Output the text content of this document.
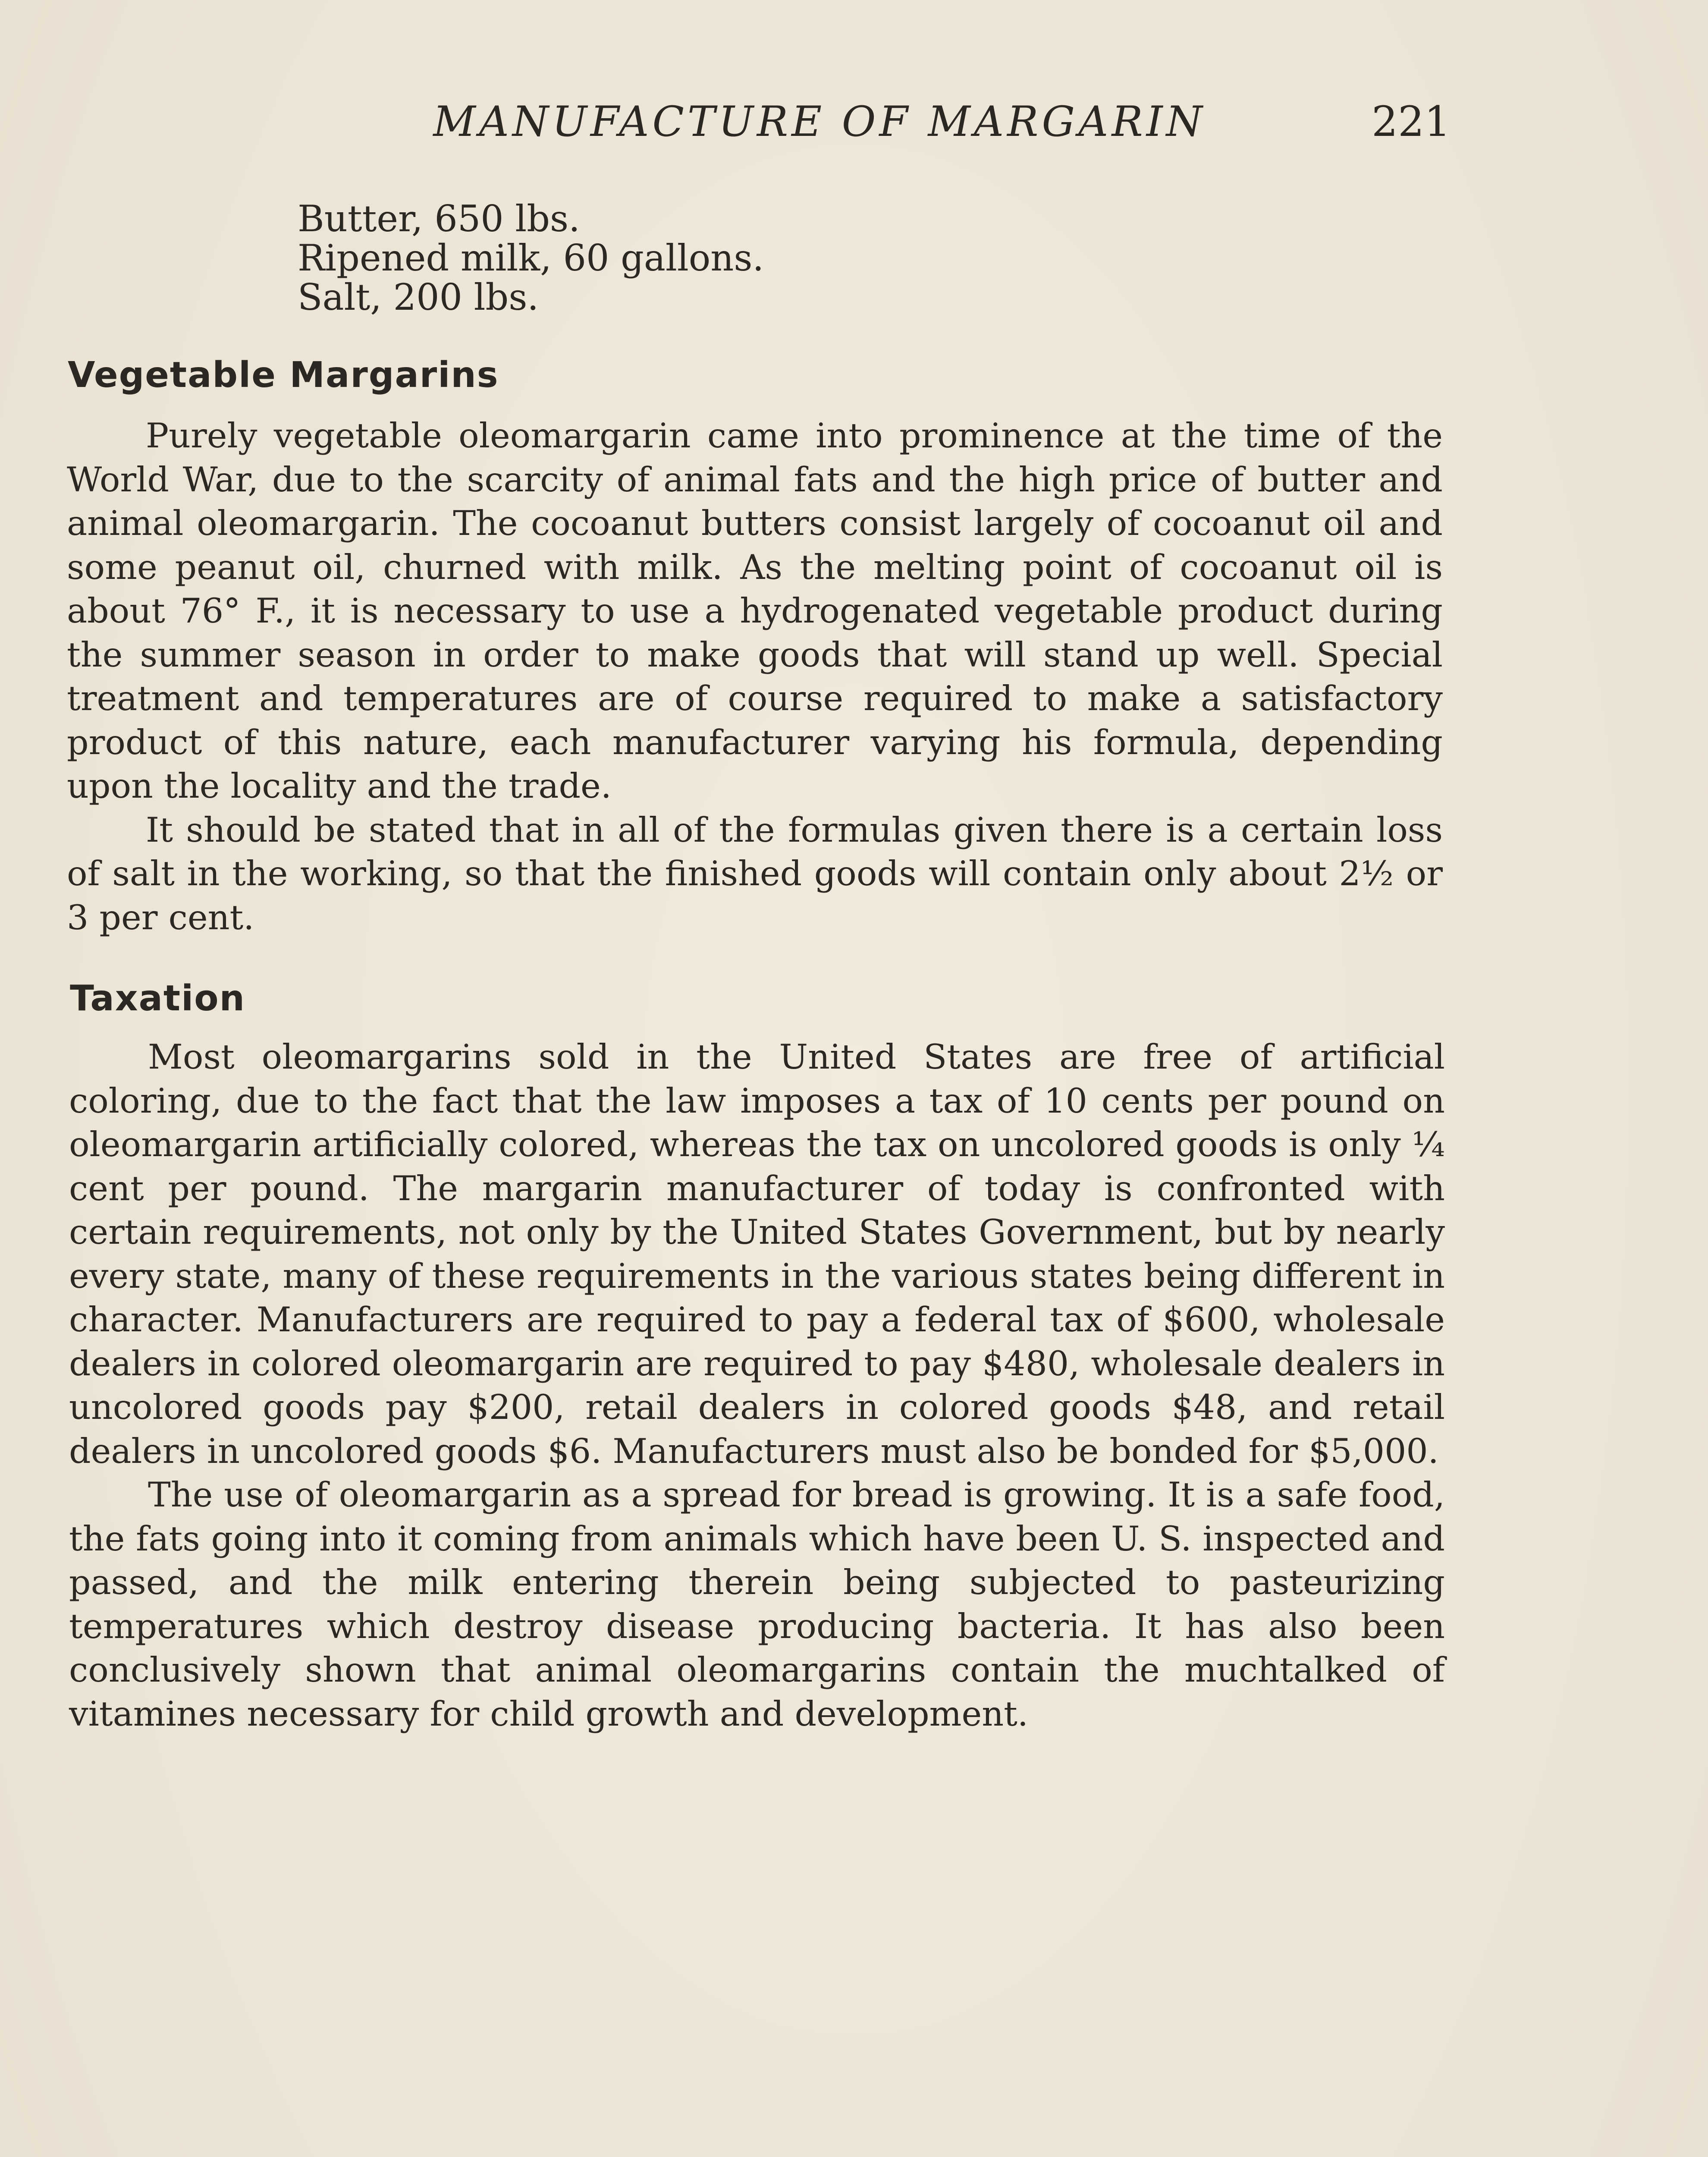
MANUFACTURE OF MARGARIN	221
Butter, 650 lbs.
Ripened milk, 60 gallons.
Salt, 200 lbs.
Vegetable Margarins

Purely vegetable oleomargarin came into prominence at the time of the World War, due to the scarcity of animal fats and the high price of butter and animal oleomargarin. The cocoanut butters consist largely of cocoanut oil and some peanut oil, churned with milk. As the melting point of cocoanut oil is about 76° F., it is necessary to use a hydrogenated vegetable product during the summer season in order to make goods that will stand up well. Special treatment and temperatures are of course required to make a satisfactory product of this nature, each manufacturer varying his formula, depending upon the locality and the trade.

It should be stated that in all of the formulas given there is a certain loss of salt in the working, so that the finished goods will contain only about 2½ or 3 per cent.

Taxation

Most oleomargarins sold in the United States are free of artificial coloring, due to the fact that the law imposes a tax of 10 cents per pound on oleomargarin artificially colored, whereas the tax on uncolored goods is only ¼ cent per pound. The margarin manufacturer of today is confronted with certain requirements, not only by the United States Government, but by nearly every state, many of these requirements in the various states being different in character. Manufacturers are required to pay a federal tax of $600, wholesale dealers in colored oleomargarin are required to pay $480, wholesale dealers in uncolored goods pay $200, retail dealers in colored goods $48, and retail dealers in uncolored goods $6. Manufacturers must also be bonded for $5,000.

The use of oleomargarin as a spread for bread is growing. It is a safe food, the fats going into it coming from animals which have been U. S. inspected and passed, and the milk entering therein being subjected to pasteurizing temperatures which destroy disease producing bacteria. It has also been conclusively shown that animal oleomargarins contain the muchtalked of vitamines necessary for child growth and development.
